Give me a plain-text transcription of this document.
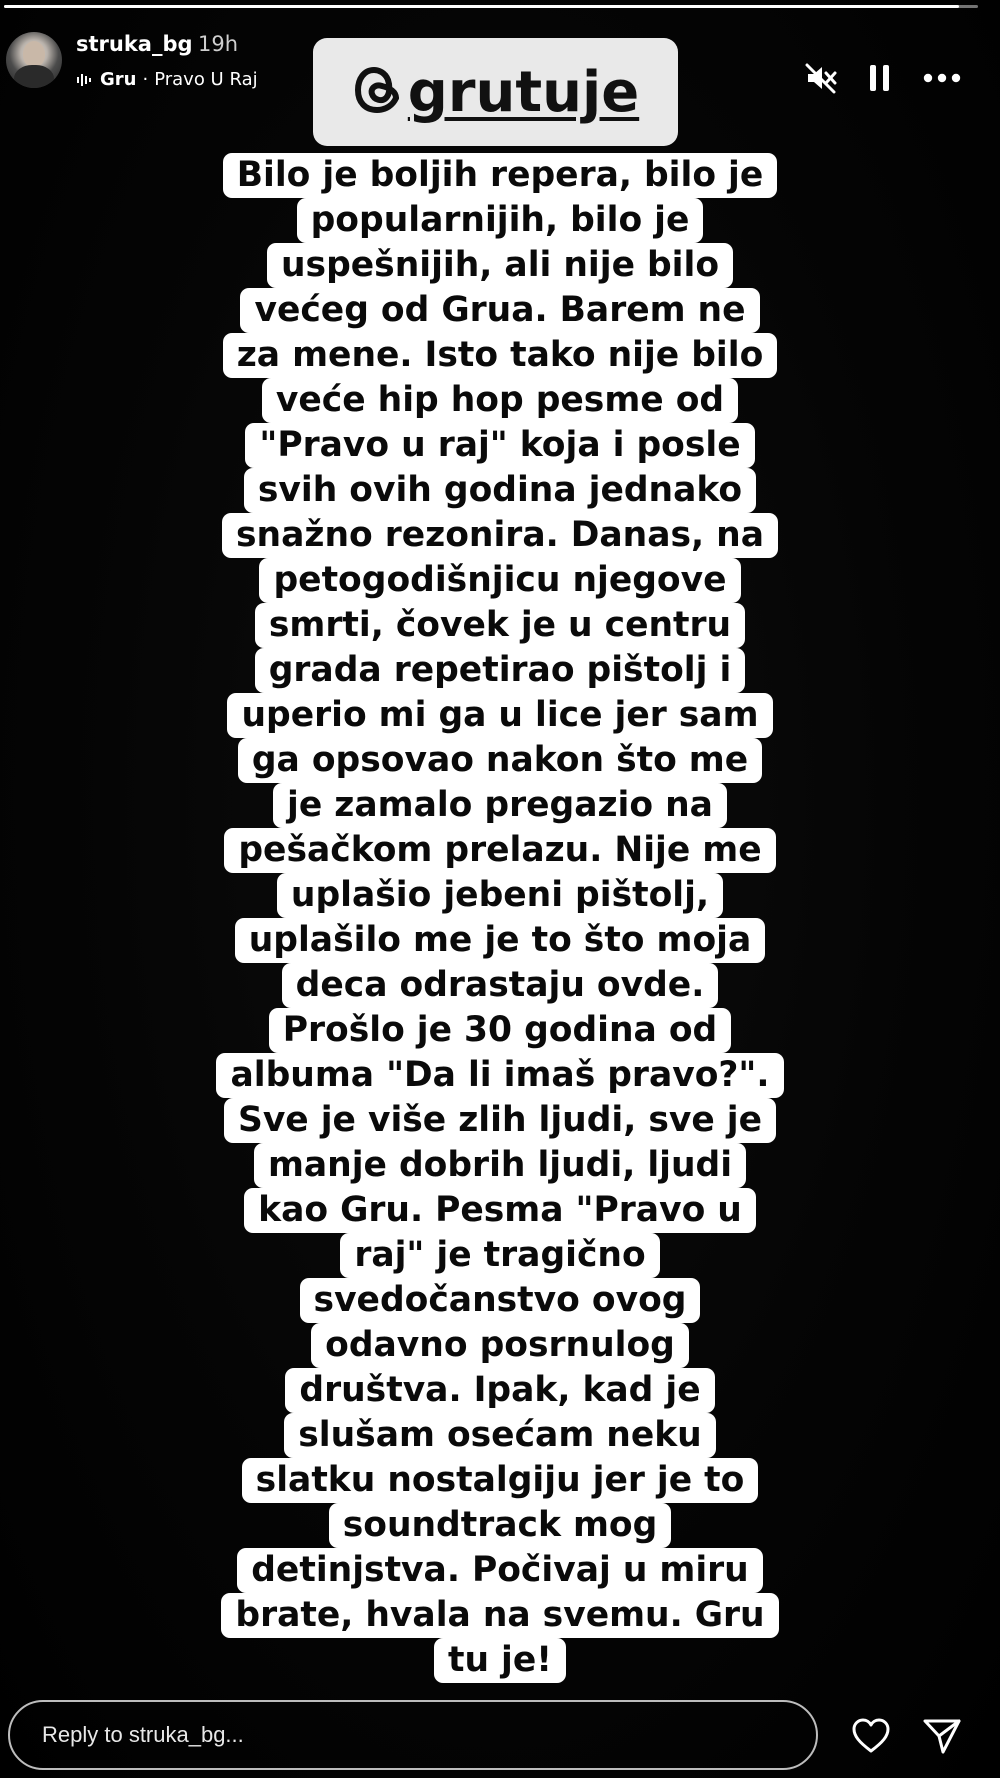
struka_bg 19h
Gru · Pravo U Raj	grutuje
Bilo je boljih repera, bilo je
popularnijih, bilo je
uspešnijih, ali nije bilo
većeg od Grua. Barem ne
za mene. Isto tako nije bilo
veće hip hop pesme od
"Pravo u raj" koja i posle
svih ovih godina jednako
snažno rezonira. Danas, na
petogodišnjicu njegove
smrti, čovek je u centru
grada repetirao pištolj i
uperio mi ga u lice jer sam
ga opsovao nakon što me
je zamalo pregazio na
pešačkom prelazu. Nije me
uplašio jebeni pištolj,
uplašilo me je to što moja
deca odrastaju ovde.
Prošlo je 30 godina od
albuma "Da li imaš pravo?".
Sve je više zlih ljudi, sve je
manje dobrih ljudi, ljudi
kao Gru. Pesma "Pravo u
raj" je tragično
svedočanstvo ovog
odavno posrnulog
društva. Ipak, kad je
slušam osećam neku
slatku nostalgiju jer je to
soundtrack mog
detinjstva. Počivaj u miru
brate, hvala na svemu. Gru
tu je!
Reply to struka_bg...
